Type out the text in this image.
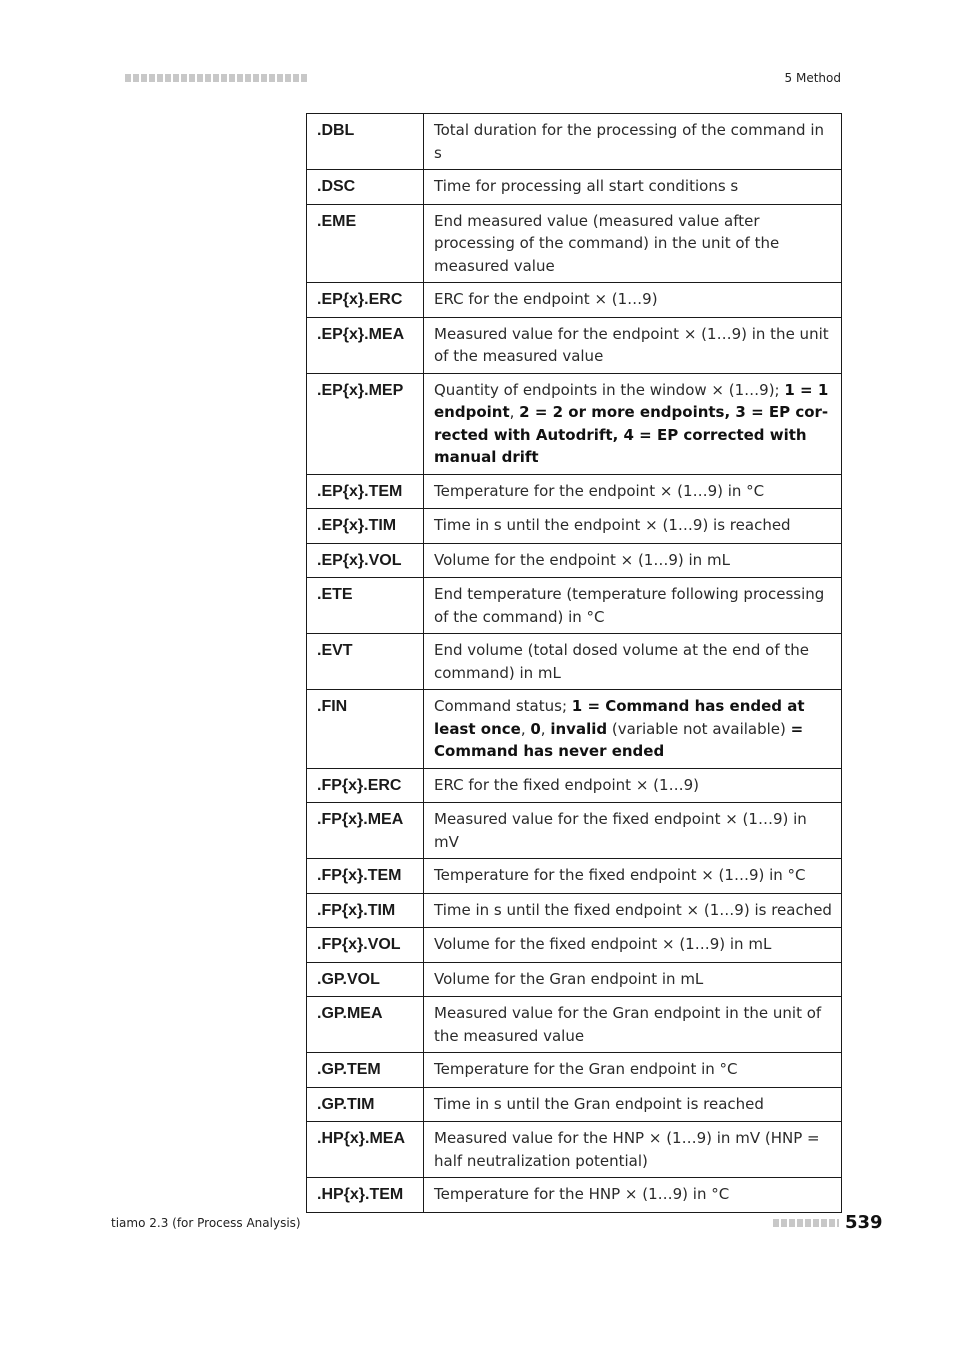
5 Method
.DBL	Total duration for the processing of the command in s
.DSC	Time for processing all start conditions s
.EME	End measured value (measured value after processing of the command) in the unit of the measured value
.EP{x}.ERC	ERC for the endpoint × (1…9)
.EP{x}.MEA	Measured value for the endpoint × (1…9) in the unit of the measured value
.EP{x}.MEP	Quantity of endpoints in the window × (1…9); 1 = 1 endpoint, 2 = 2 or more endpoints, 3 = EP corrected with Autodrift, 4 = EP corrected with manual drift
.EP{x}.TEM	Temperature for the endpoint × (1…9) in °C
.EP{x}.TIM	Time in s until the endpoint × (1…9) is reached
.EP{x}.VOL	Volume for the endpoint × (1…9) in mL
.ETE	End temperature (temperature following processing of the command) in °C
.EVT	End volume (total dosed volume at the end of the command) in mL
.FIN	Command status; 1 = Command has ended at least once, 0, invalid (variable not available) = Command has never ended
.FP{x}.ERC	ERC for the fixed endpoint × (1…9)
.FP{x}.MEA	Measured value for the fixed endpoint × (1…9) in mV
.FP{x}.TEM	Temperature for the fixed endpoint × (1…9) in °C
.FP{x}.TIM	Time in s until the fixed endpoint × (1…9) is reached
.FP{x}.VOL	Volume for the fixed endpoint × (1…9) in mL
.GP.VOL	Volume for the Gran endpoint in mL
.GP.MEA	Measured value for the Gran endpoint in the unit of the measured value
.GP.TEM	Temperature for the Gran endpoint in °C
.GP.TIM	Time in s until the Gran endpoint is reached
.HP{x}.MEA	Measured value for the HNP × (1…9) in mV (HNP = half neutralization potential)
.HP{x}.TEM	Temperature for the HNP × (1…9) in °C
tiamo 2.3 (for Process Analysis)	539
